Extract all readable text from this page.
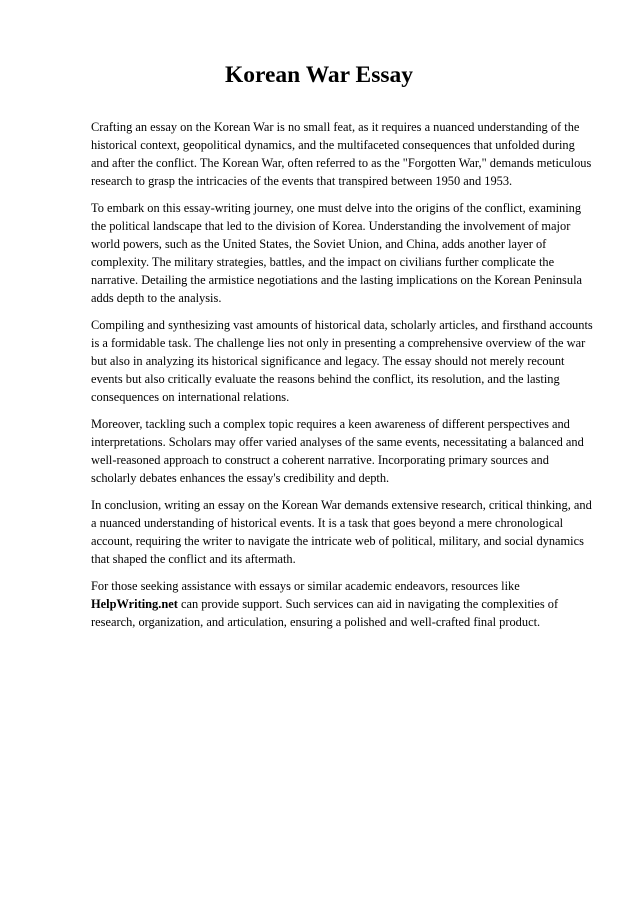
Korean War Essay

Crafting an essay on the Korean War is no small feat, as it requires a nuanced understanding of the historical context, geopolitical dynamics, and the multifaceted consequences that unfolded during and after the conflict. The Korean War, often referred to as the "Forgotten War," demands meticulous research to grasp the intricacies of the events that transpired between 1950 and 1953.

To embark on this essay-writing journey, one must delve into the origins of the conflict, examining the political landscape that led to the division of Korea. Understanding the involvement of major world powers, such as the United States, the Soviet Union, and China, adds another layer of complexity. The military strategies, battles, and the impact on civilians further complicate the narrative. Detailing the armistice negotiations and the lasting implications on the Korean Peninsula adds depth to the analysis.

Compiling and synthesizing vast amounts of historical data, scholarly articles, and firsthand accounts is a formidable task. The challenge lies not only in presenting a comprehensive overview of the war but also in analyzing its historical significance and legacy. The essay should not merely recount events but also critically evaluate the reasons behind the conflict, its resolution, and the lasting consequences on international relations.

Moreover, tackling such a complex topic requires a keen awareness of different perspectives and interpretations. Scholars may offer varied analyses of the same events, necessitating a balanced and well-reasoned approach to construct a coherent narrative. Incorporating primary sources and scholarly debates enhances the essay's credibility and depth.

In conclusion, writing an essay on the Korean War demands extensive research, critical thinking, and a nuanced understanding of historical events. It is a task that goes beyond a mere chronological account, requiring the writer to navigate the intricate web of political, military, and social dynamics that shaped the conflict and its aftermath.

For those seeking assistance with essays or similar academic endeavors, resources like HelpWriting.net can provide support. Such services can aid in navigating the complexities of research, organization, and articulation, ensuring a polished and well-crafted final product.
